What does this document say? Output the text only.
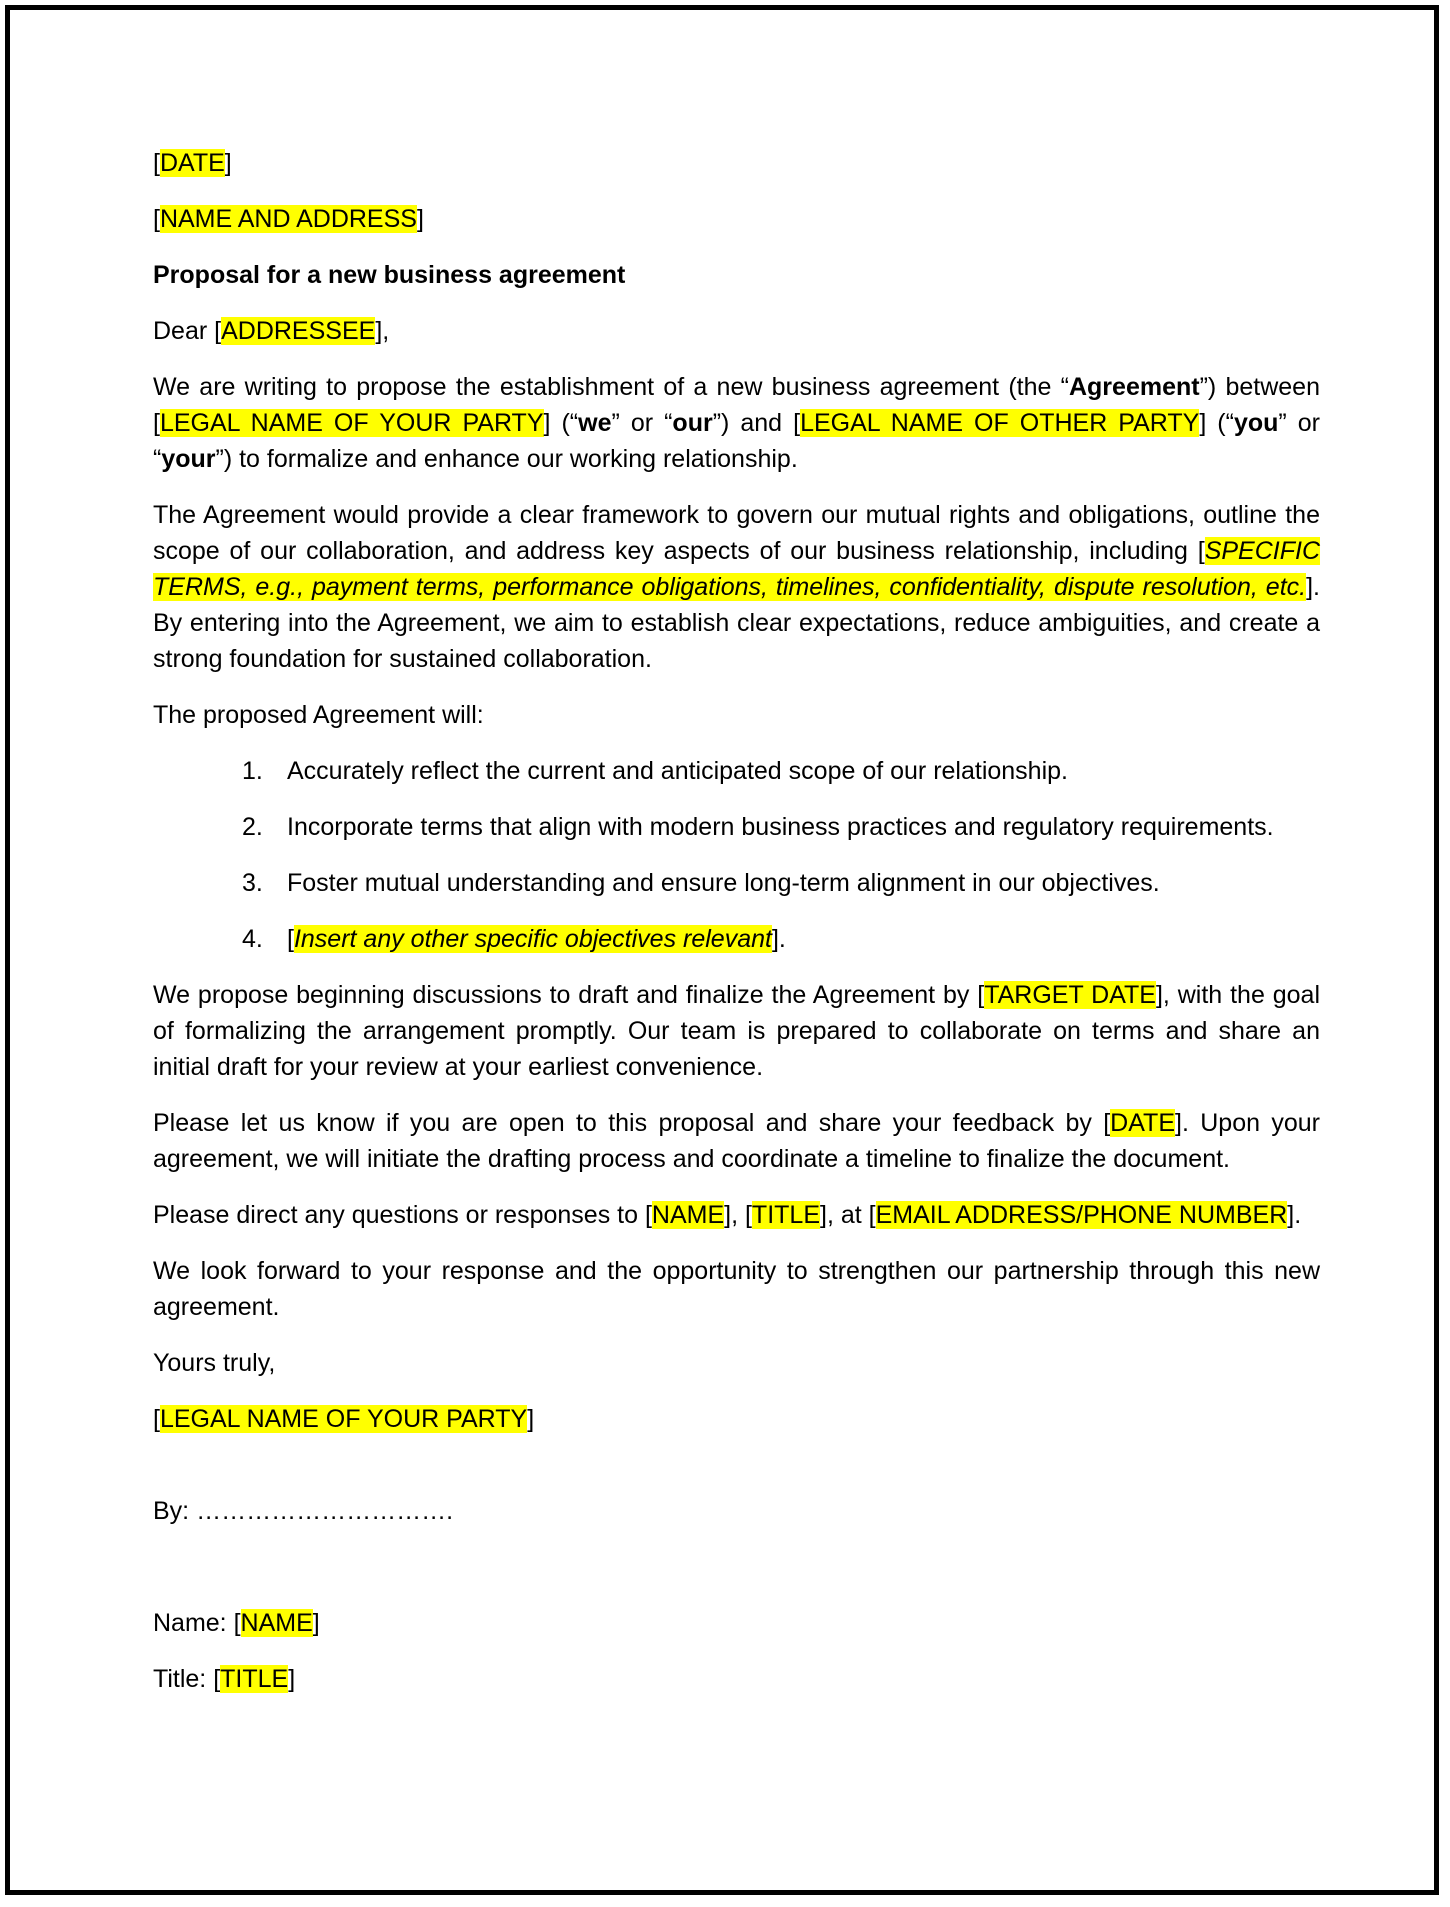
[DATE]

[NAME AND ADDRESS]

Proposal for a new business agreement

Dear [ADDRESSEE],

We are writing to propose the establishment of a new business agreement (the “Agreement”) between [LEGAL NAME OF YOUR PARTY] (“we” or “our”) and [LEGAL NAME OF OTHER PARTY] (“you” or “your”) to formalize and enhance our working relationship.

The Agreement would provide a clear framework to govern our mutual rights and obligations, outline the scope of our collaboration, and address key aspects of our business relationship, including [SPECIFIC TERMS, e.g., payment terms, performance obligations, timelines, confidentiality, dispute resolution, etc.]. By entering into the Agreement, we aim to establish clear expectations, reduce ambiguities, and create a strong foundation for sustained collaboration.

The proposed Agreement will:

1. Accurately reflect the current and anticipated scope of our relationship.
2. Incorporate terms that align with modern business practices and regulatory requirements.
3. Foster mutual understanding and ensure long-term alignment in our objectives.
4. [Insert any other specific objectives relevant].

We propose beginning discussions to draft and finalize the Agreement by [TARGET DATE], with the goal of formalizing the arrangement promptly. Our team is prepared to collaborate on terms and share an initial draft for your review at your earliest convenience.

Please let us know if you are open to this proposal and share your feedback by [DATE]. Upon your agreement, we will initiate the drafting process and coordinate a timeline to finalize the document.

Please direct any questions or responses to [NAME], [TITLE], at [EMAIL ADDRESS/PHONE NUMBER].

We look forward to your response and the opportunity to strengthen our partnership through this new agreement.

Yours truly,

[LEGAL NAME OF YOUR PARTY]

By: ………………………….

Name: [NAME]

Title: [TITLE]
